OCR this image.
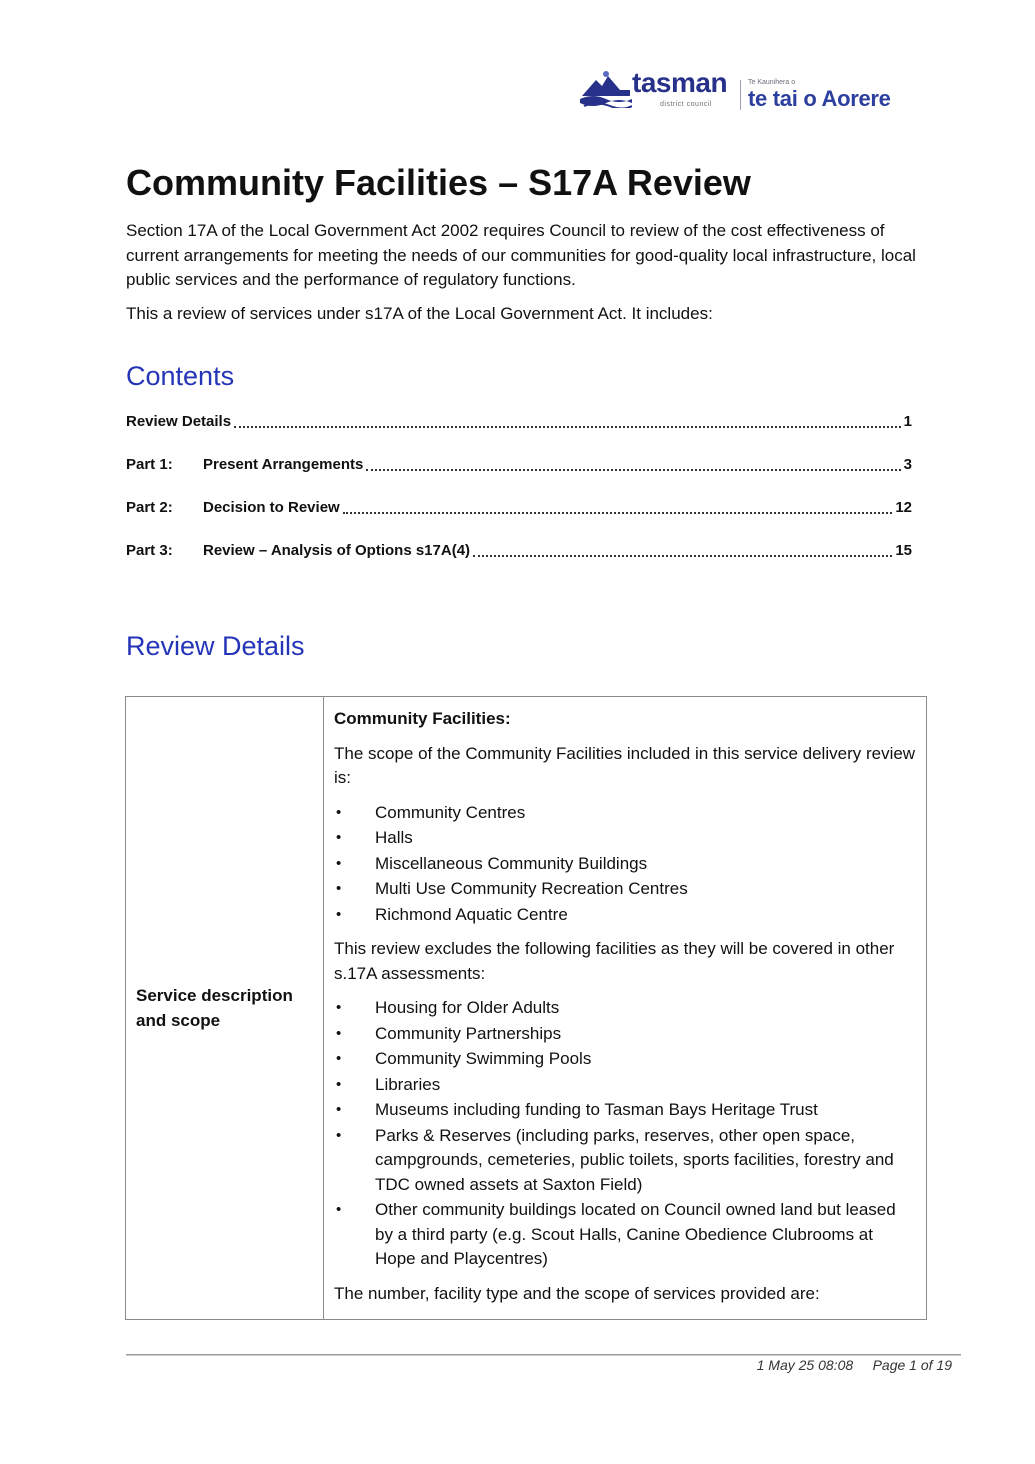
tasman
district council
Te Kaunihera o
te tai o Aorere
Community Facilities – S17A Review

Section 17A of the Local Government Act 2002 requires Council to review of the cost effectiveness of current arrangements for meeting the needs of our communities for good-quality local infrastructure, local public services and the performance of regulatory functions.

This a review of services under s17A of the Local Government Act. It includes:

Contents
Review Details	1
Part 1:	Present Arrangements	3
Part 2:	Decision to Review	12
Part 3:	Review – Analysis of Options s17A(4)	15
Review Details
Service description and scope

Community Facilities:

The scope of the Community Facilities included in this service delivery review is:

• Community Centres
• Halls
• Miscellaneous Community Buildings
• Multi Use Community Recreation Centres
• Richmond Aquatic Centre

This review excludes the following facilities as they will be covered in other s.17A assessments:

• Housing for Older Adults
• Community Partnerships
• Community Swimming Pools
• Libraries
• Museums including funding to Tasman Bays Heritage Trust
• Parks & Reserves (including parks, reserves, other open space, campgrounds, cemeteries, public toilets, sports facilities, forestry and TDC owned assets at Saxton Field)
• Other community buildings located on Council owned land but leased by a third party (e.g. Scout Halls, Canine Obedience Clubrooms at Hope and Playcentres)

The number, facility type and the scope of services provided are:

1 May 25 08:08 Page 1 of 19
